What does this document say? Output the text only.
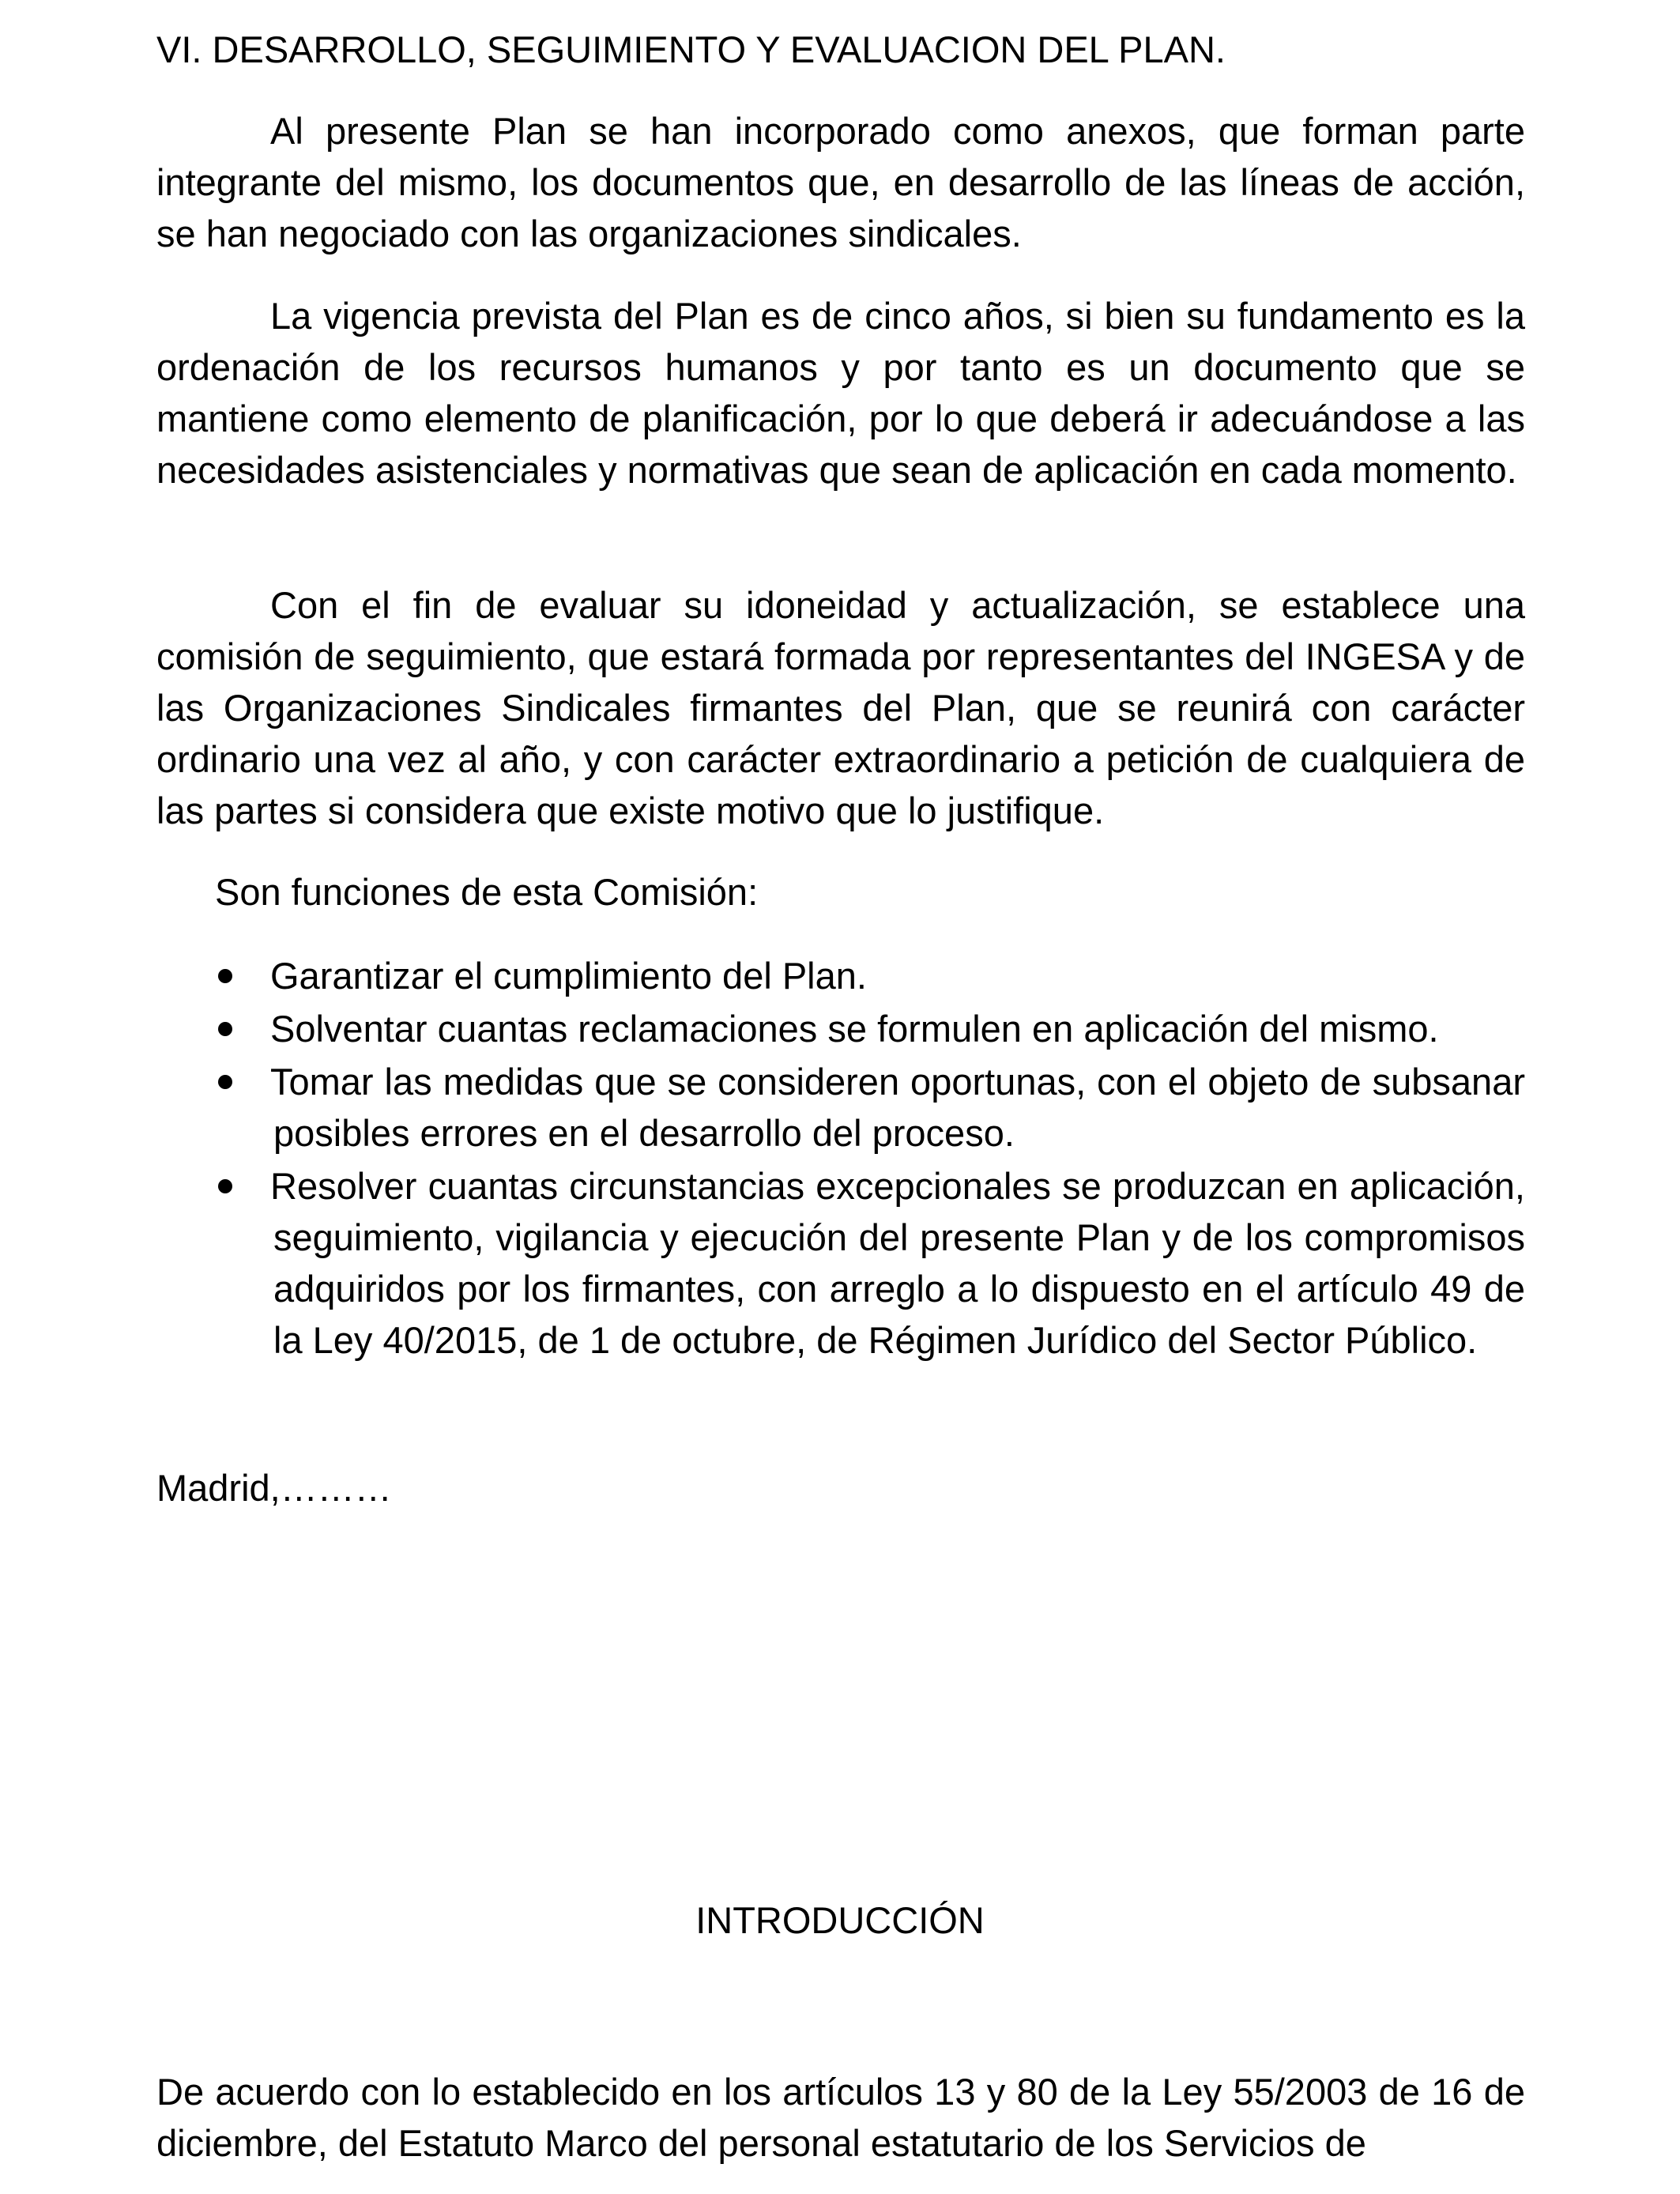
VI. DESARROLLO, SEGUIMIENTO Y EVALUACION DEL PLAN.

Al presente Plan se han incorporado como anexos, que forman parte integrante del mismo, los documentos que, en desarrollo de las líneas de acción, se han negociado con las organizaciones sindicales.

La vigencia prevista del Plan es de cinco años, si bien su fundamento es la ordenación de los recursos humanos y por tanto es un documento que se mantiene como elemento de planificación, por lo que deberá ir adecuándose a las necesidades asistenciales y normativas que sean de aplicación en cada momento.

Con el fin de evaluar su idoneidad y actualización, se establece una comisión de seguimiento, que estará formada por representantes del INGESA y de las Organizaciones Sindicales firmantes del Plan, que se reunirá con carácter ordinario una vez al año, y con carácter extraordinario a petición de cualquiera de las partes si considera que existe motivo que lo justifique.

Son funciones de esta Comisión:

Garantizar el cumplimiento del Plan.
Solventar cuantas reclamaciones se formulen en aplicación del mismo.
Tomar las medidas que se consideren oportunas, con el objeto de subsanar posibles errores en el desarrollo del proceso.
Resolver cuantas circunstancias excepcionales se produzcan en aplicación, seguimiento, vigilancia y ejecución del presente Plan y de los compromisos adquiridos por los firmantes, con arreglo a lo dispuesto en el artículo 49 de la Ley 40/2015, de 1 de octubre, de Régimen Jurídico del Sector Público.

Madrid,………

INTRODUCCIÓN

De acuerdo con lo establecido en los artículos 13 y 80 de la Ley 55/2003 de 16 de diciembre, del Estatuto Marco del personal estatutario de los Servicios de
